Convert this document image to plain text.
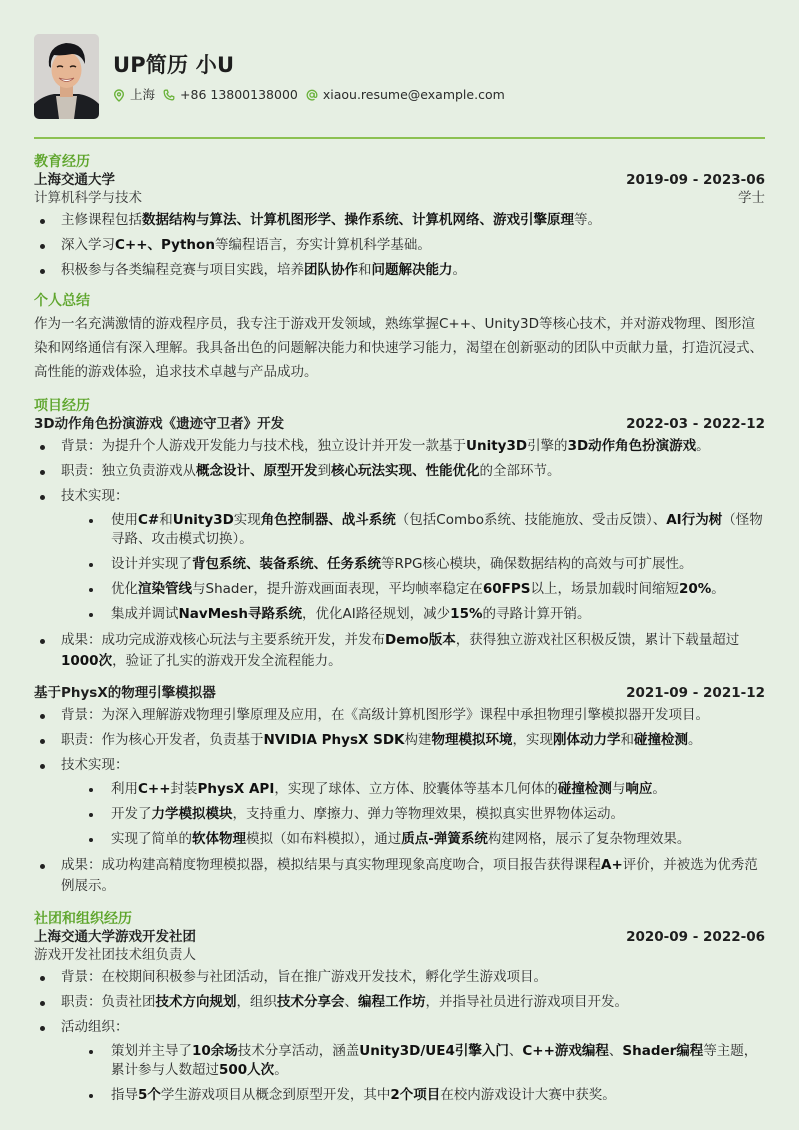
UP简历 小U
上海 +86 13800138000 xiaou.resume@example.com
教育经历
上海交通大学	2019-09 - 2023-06
计算机科学与技术	学士
主修课程包括数据结构与算法、计算机图形学、操作系统、计算机网络、游戏引擎原理等。
深入学习C++、Python等编程语言，夯实计算机科学基础。
积极参与各类编程竞赛与项目实践，培养团队协作和问题解决能力。
个人总结
作为一名充满激情的游戏程序员，我专注于游戏开发领域，熟练掌握C++、Unity3D等核心技术，并对游戏物理、图形渲染和网络通信有深入理解。我具备出色的问题解决能力和快速学习能力，渴望在创新驱动的团队中贡献力量，打造沉浸式、高性能的游戏体验，追求技术卓越与产品成功。
项目经历
3D动作角色扮演游戏《遗迹守卫者》开发	2022-03 - 2022-12
背景：为提升个人游戏开发能力与技术栈，独立设计并开发一款基于Unity3D引擎的3D动作角色扮演游戏。
职责：独立负责游戏从概念设计、原型开发到核心玩法实现、性能优化的全部环节。
技术实现：
使用C#和Unity3D实现角色控制器、战斗系统（包括Combo系统、技能施放、受击反馈）、AI行为树（怪物寻路、攻击模式切换）。
设计并实现了背包系统、装备系统、任务系统等RPG核心模块，确保数据结构的高效与可扩展性。
优化渲染管线与Shader，提升游戏画面表现，平均帧率稳定在60FPS以上，场景加载时间缩短20%。
集成并调试NavMesh寻路系统，优化AI路径规划，减少15%的寻路计算开销。
成果：成功完成游戏核心玩法与主要系统开发，并发布Demo版本，获得独立游戏社区积极反馈，累计下载量超过1000次，验证了扎实的游戏开发全流程能力。
基于PhysX的物理引擎模拟器	2021-09 - 2021-12
背景：为深入理解游戏物理引擎原理及应用，在《高级计算机图形学》课程中承担物理引擎模拟器开发项目。
职责：作为核心开发者，负责基于NVIDIA PhysX SDK构建物理模拟环境，实现刚体动力学和碰撞检测。
技术实现：
利用C++封装PhysX API，实现了球体、立方体、胶囊体等基本几何体的碰撞检测与响应。
开发了力学模拟模块，支持重力、摩擦力、弹力等物理效果，模拟真实世界物体运动。
实现了简单的软体物理模拟（如布料模拟），通过质点-弹簧系统构建网格，展示了复杂物理效果。
成果：成功构建高精度物理模拟器，模拟结果与真实物理现象高度吻合，项目报告获得课程A+评价，并被选为优秀范例展示。
社团和组织经历
上海交通大学游戏开发社团	2020-09 - 2022-06
游戏开发社团技术组负责人
背景：在校期间积极参与社团活动，旨在推广游戏开发技术，孵化学生游戏项目。
职责：负责社团技术方向规划，组织技术分享会、编程工作坊，并指导社员进行游戏项目开发。
活动组织：
策划并主导了10余场技术分享活动，涵盖Unity3D/UE4引擎入门、C++游戏编程、Shader编程等主题，累计参与人数超过500人次。
指导5个学生游戏项目从概念到原型开发，其中2个项目在校内游戏设计大赛中获奖。
